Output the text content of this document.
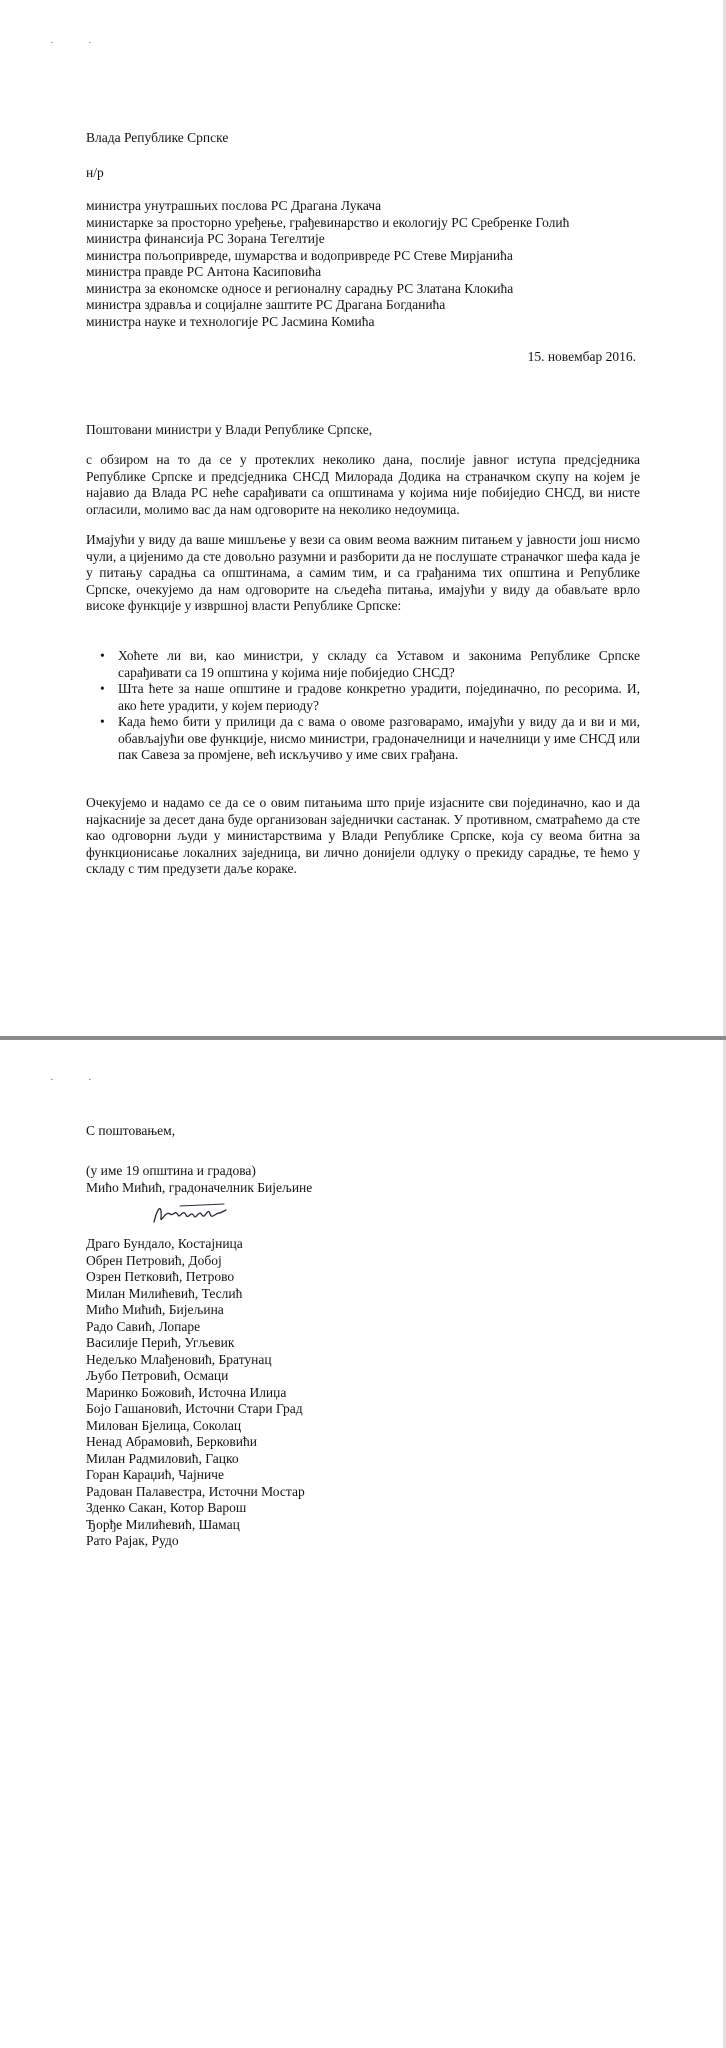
·	·
Влада Републике Српске
н/р
министра унутрашњих послова РС Драгана Лукача
министарке за просторно уређење, грађевинарство и екологију РС Сребренке Голић
министра финансија РС Зорана Тегелтије
министра пољопривреде, шумарства и водопривреде РС Стеве Мирјанића
министра правде РС Антона Касиповића
министра за економске односе и регионалну сарадњу РС Златана Клокића
министра здравља и социјалне заштите РС Драгана Богданића
министра науке и технологије РС Јасмина Комића
15. новембар 2016.
Поштовани министри у Влади Републике Српске,
с обзиром на то да се у протеклих неколико дана, послије јавног иступа предсједника Републике Српске и предсједника СНСД Милорада Додика на страначком скупу на којем је најавио да Влада РС неће сарађивати са општинама у којима није побиједио СНСД, ви нисте огласили, молимо вас да нам одговорите на неколико недоумица.
Имајући у виду да ваше мишљење у вези са овим веома важним питањем у јавности још нисмо чули, а цијенимо да сте довољно разумни и разборити да не послушате страначког шефа када је у питању сарадња са општинама, а самим тим, и са грађанима тих општина и Републике Српске, очекујемо да нам одговорите на сљедећа питања, имајући у виду да обављате врло високе функције у извршној власти Републике Српске:
• Хоћете ли ви, као министри, у складу са Уставом и законима Републике Српске сарађивати са 19 општина у којима није побиједио СНСД?
• Шта ћете за наше општине и градове конкретно урадити, појединачно, по ресорима. И, ако ћете урадити, у којем периоду?
• Када ћемо бити у прилици да с вама о овоме разговарамо, имајући у виду да и ви и ми, обављајући ове функције, нисмо министри, градоначелници и начелници у име СНСД или пак Савеза за промјене, већ искључиво у име свих грађана.
Очекујемо и надамо се да се о овим питањима што прије изјасните сви појединачно, као и да најкасније за десет дана буде организован заједнички састанак. У противном, сматраћемо да сте као одговорни људи у министарствима у Влади Републике Српске, која су веома битна за функционисање локалних заједница, ви лично донијели одлуку о прекиду сарадње, те ћемо у складу с тим предузети даље кораке.
·	·
С поштовањем,
(у име 19 општина и градова)
Мићо Мићић, градоначелник Бијељине
Драго Бундало, Костајница
Обрен Петровић, Добој
Озрен Петковић, Петрово
Милан Милићевић, Теслић
Мићо Мићић, Бијељина
Радо Савић, Лопаре
Василије Перић, Угљевик
Недељко Млађеновић, Братунац
Љубо Петровић, Осмаци
Маринко Божовић, Источна Илиџа
Бојо Гашановић, Источни Стари Град
Милован Бјелица, Соколац
Ненад Абрамовић, Берковићи
Милан Радмиловић, Гацко
Горан Караџић, Чајниче
Радован Палавестра, Источни Мостар
Зденко Сакан, Котор Варош
Ђорђе Милићевић, Шамац
Рато Рајак, Рудо
